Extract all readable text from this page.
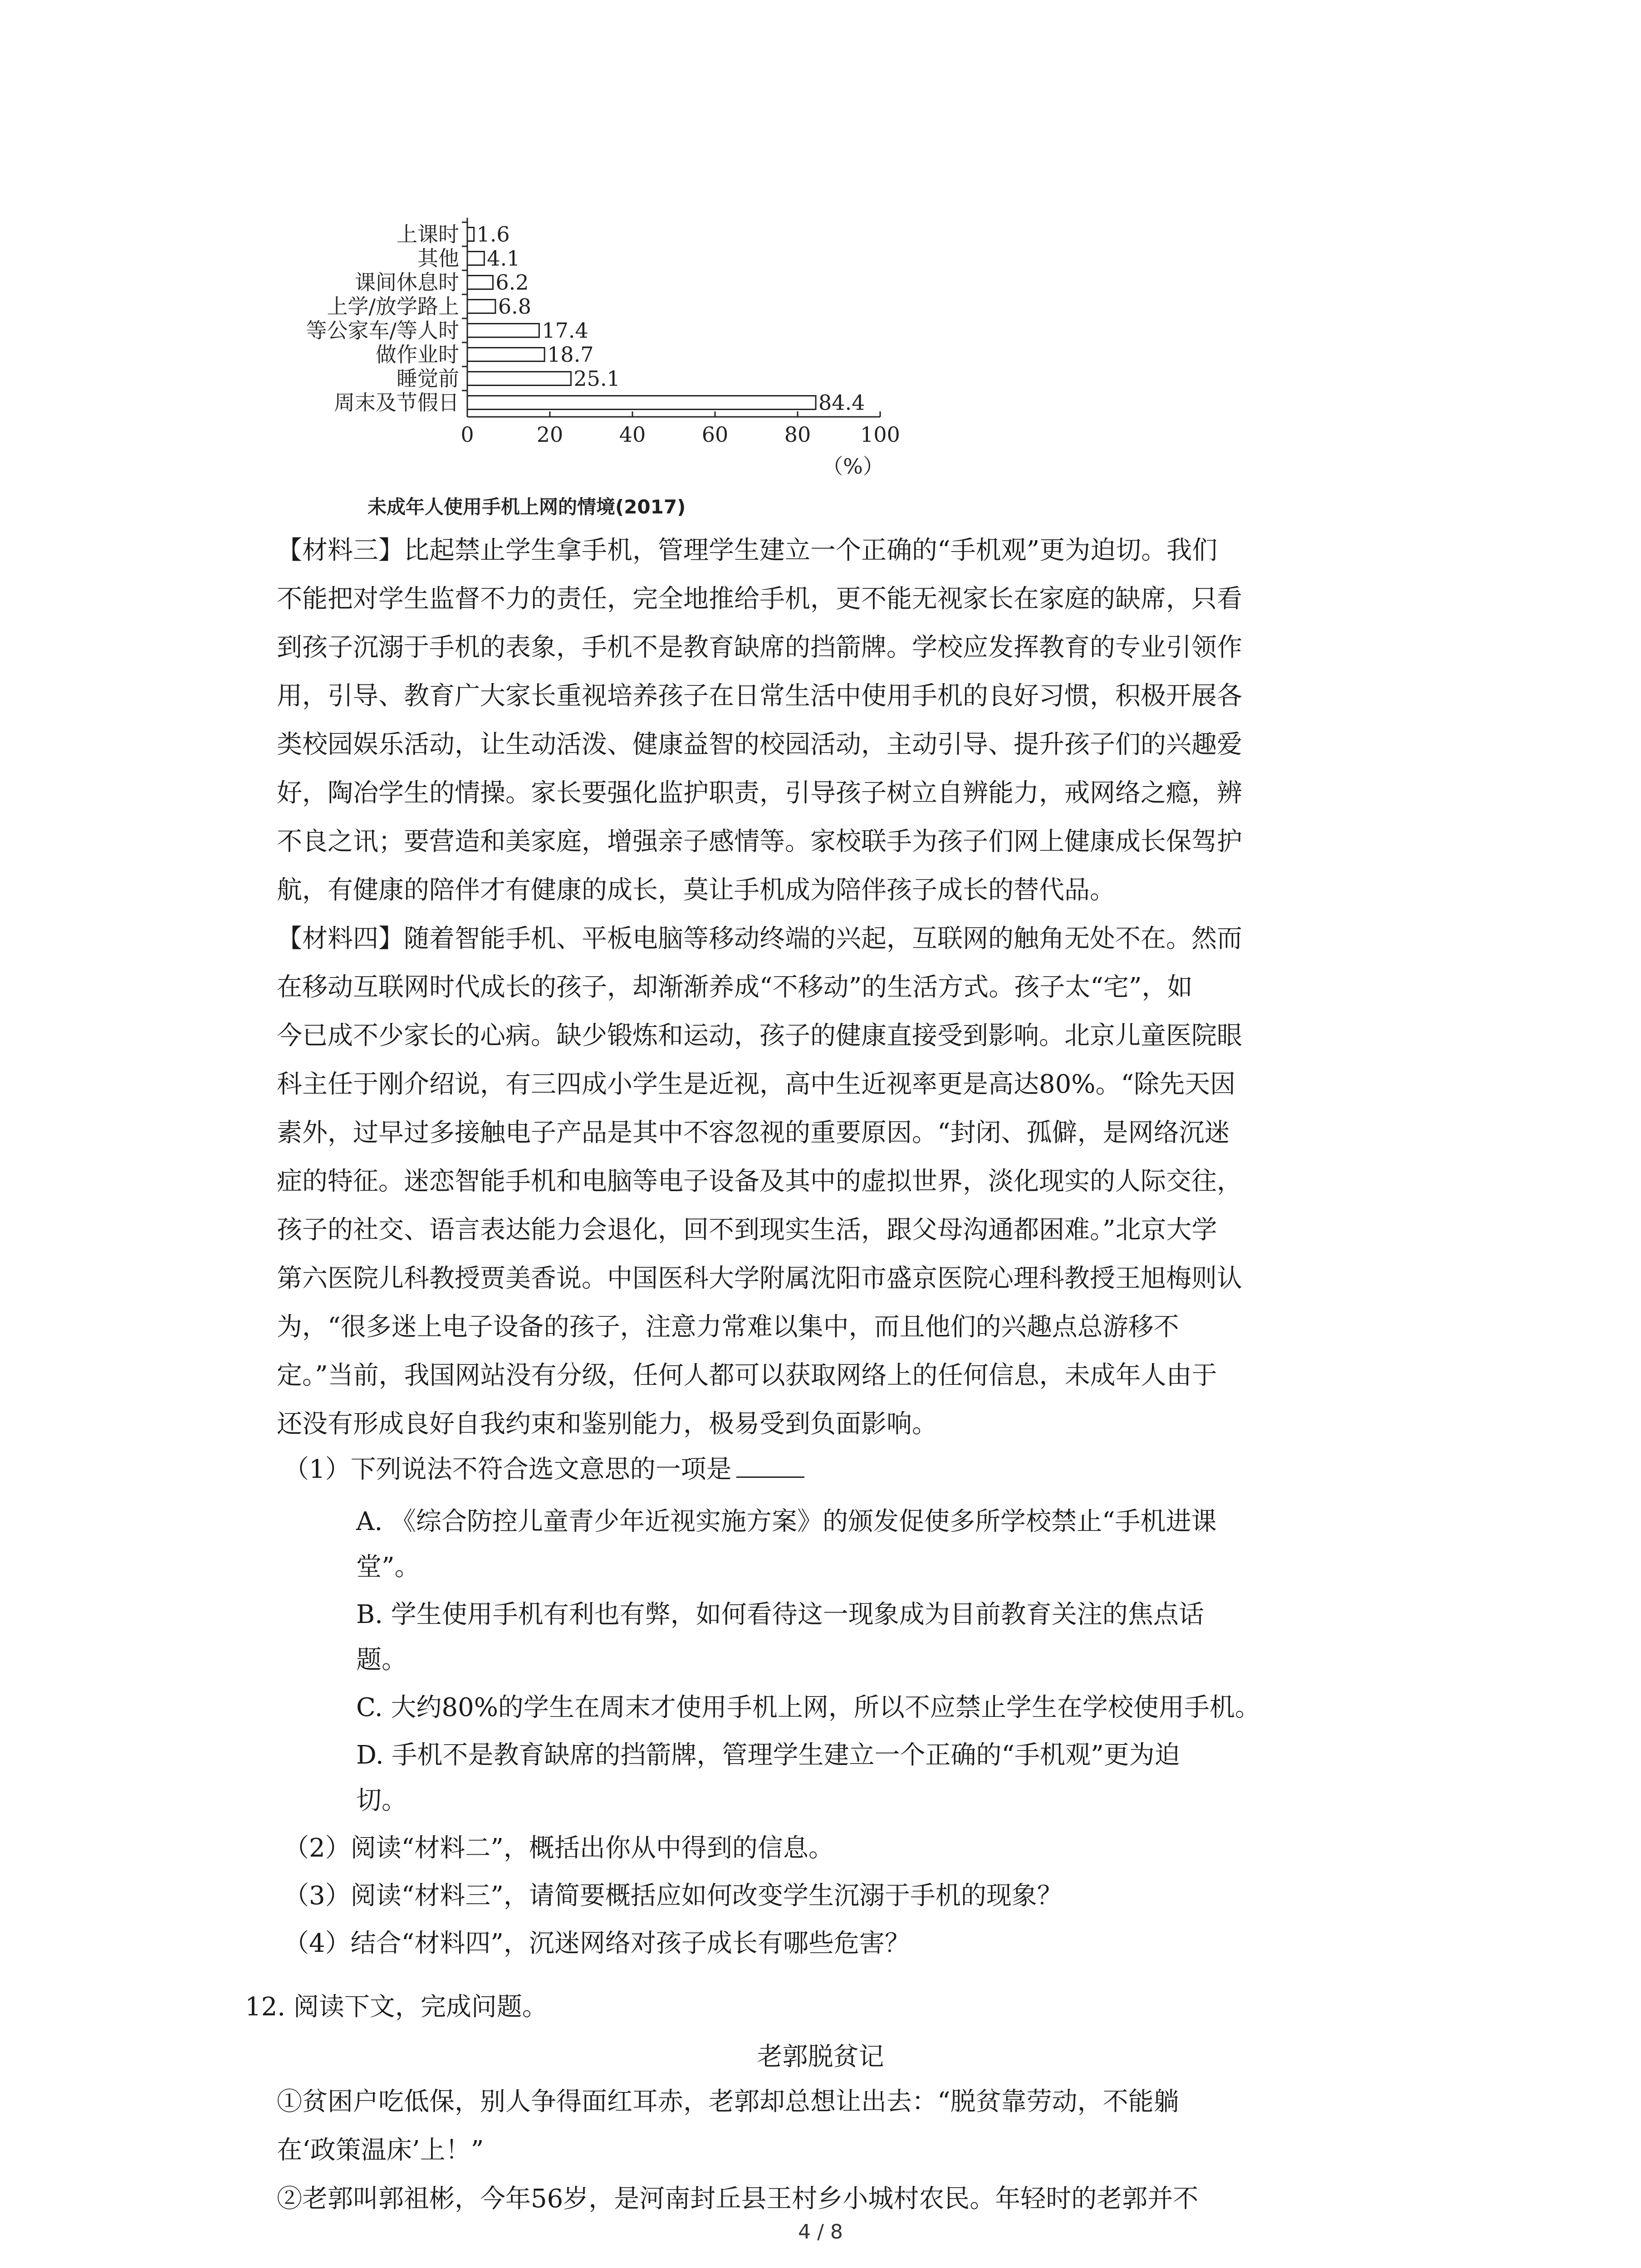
上课时 1.6
其他 4.1
课间休息时 6.2
上学/放学路上 6.8
等公家车/等人时	17.4
做作业时	18.7
睡觉前	25.1
周末及节假日	84.4
0	20	40	60	80 100
（%）
未成年人使用手机上网的情境(2017)

【材料三】比起禁止学生拿手机，管理学生建立一个正确的“手机观”更为迫切。我们

不能把对学生监督不力的责任，完全地推给手机，更不能无视家长在家庭的缺席，只看

到孩子沉溺于手机的表象，手机不是教育缺席的挡箭牌。学校应发挥教育的专业引领作

用，引导、教育广大家长重视培养孩子在日常生活中使用手机的良好习惯，积极开展各

类校园娱乐活动，让生动活泼、健康益智的校园活动，主动引导、提升孩子们的兴趣爱

好，陶冶学生的情操。家长要强化监护职责，引导孩子树立自辨能力，戒网络之瘾，辨

不良之讯；要营造和美家庭，增强亲子感情等。家校联手为孩子们网上健康成长保驾护

航，有健康的陪伴才有健康的成长，莫让手机成为陪伴孩子成长的替代品。

【材料四】随着智能手机、平板电脑等移动终端的兴起，互联网的触角无处不在。然而

在移动互联网时代成长的孩子，却渐渐养成“不移动”的生活方式。孩子太“宅”，如

今已成不少家长的心病。缺少锻炼和运动，孩子的健康直接受到影响。北京儿童医院眼

科主任于刚介绍说，有三四成小学生是近视，高中生近视率更是高达80%。“除先天因

素外，过早过多接触电子产品是其中不容忽视的重要原因。“封闭、孤僻，是网络沉迷

症的特征。迷恋智能手机和电脑等电子设备及其中的虚拟世界，淡化现实的人际交往，

孩子的社交、语言表达能力会退化，回不到现实生活，跟父母沟通都困难。”北京大学

第六医院儿科教授贾美香说。中国医科大学附属沈阳市盛京医院心理科教授王旭梅则认

为，“很多迷上电子设备的孩子，注意力常难以集中，而且他们的兴趣点总游移不

定。”当前，我国网站没有分级，任何人都可以获取网络上的任何信息，未成年人由于

还没有形成良好自我约束和鉴别能力，极易受到负面影响。

（1）下列说法不符合选文意思的一项是

A. 《综合防控儿童青少年近视实施方案》的颁发促使多所学校禁止“手机进课

堂”。

B. 学生使用手机有利也有弊，如何看待这一现象成为目前教育关注的焦点话

题。

C. 大约80%的学生在周末才使用手机上网，所以不应禁止学生在学校使用手机。

D. 手机不是教育缺席的挡箭牌，管理学生建立一个正确的“手机观”更为迫

切。

（2）阅读“材料二”，概括出你从中得到的信息。

（3）阅读“材料三”，请简要概括应如何改变学生沉溺于手机的现象？

（4）结合“材料四”，沉迷网络对孩子成长有哪些危害？

12. 阅读下文，完成问题。

老郭脱贫记

①贫困户吃低保，别人争得面红耳赤，老郭却总想让出去：“脱贫靠劳动，不能躺

在‘政策温床’上！”

②老郭叫郭祖彬，今年56岁，是河南封丘县王村乡小城村农民。年轻时的老郭并不

4 / 8
